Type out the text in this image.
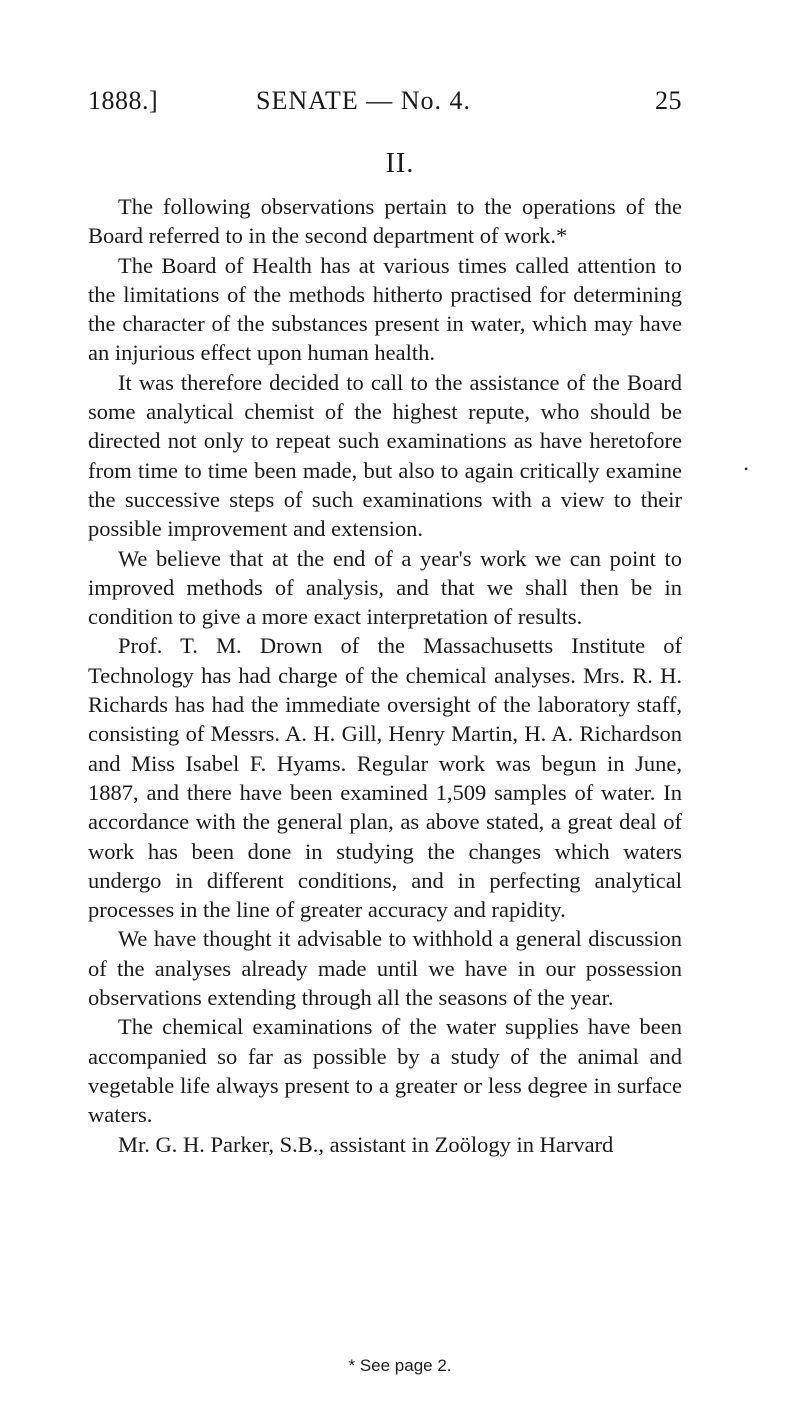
1888.]	SENATE — No. 4.	25
II.

The following observations pertain to the operations of the Board referred to in the second department of work.*

The Board of Health has at various times called attention to the limitations of the methods hitherto practised for determining the character of the substances present in water, which may have an injurious effect upon human health.

It was therefore decided to call to the assistance of the Board some analytical chemist of the highest repute, who should be directed not only to repeat such examinations as have heretofore from time to time been made, but also to again critically examine the successive steps of such examinations with a view to their possible improvement and extension.

We believe that at the end of a year's work we can point to improved methods of analysis, and that we shall then be in condition to give a more exact interpretation of results.

Prof. T. M. Drown of the Massachusetts Institute of Technology has had charge of the chemical analyses. Mrs. R. H. Richards has had the immediate oversight of the laboratory staff, consisting of Messrs. A. H. Gill, Henry Martin, H. A. Richardson and Miss Isabel F. Hyams. Regular work was begun in June, 1887, and there have been examined 1,509 samples of water. In accordance with the general plan, as above stated, a great deal of work has been done in studying the changes which waters undergo in different conditions, and in perfecting analytical processes in the line of greater accuracy and rapidity.

We have thought it advisable to withhold a general discussion of the analyses already made until we have in our possession observations extending through all the seasons of the year.

The chemical examinations of the water supplies have been accompanied so far as possible by a study of the animal and vegetable life always present to a greater or less degree in surface waters.

Mr. G. H. Parker, S.B., assistant in Zoölogy in Harvard

•
* See page 2.
